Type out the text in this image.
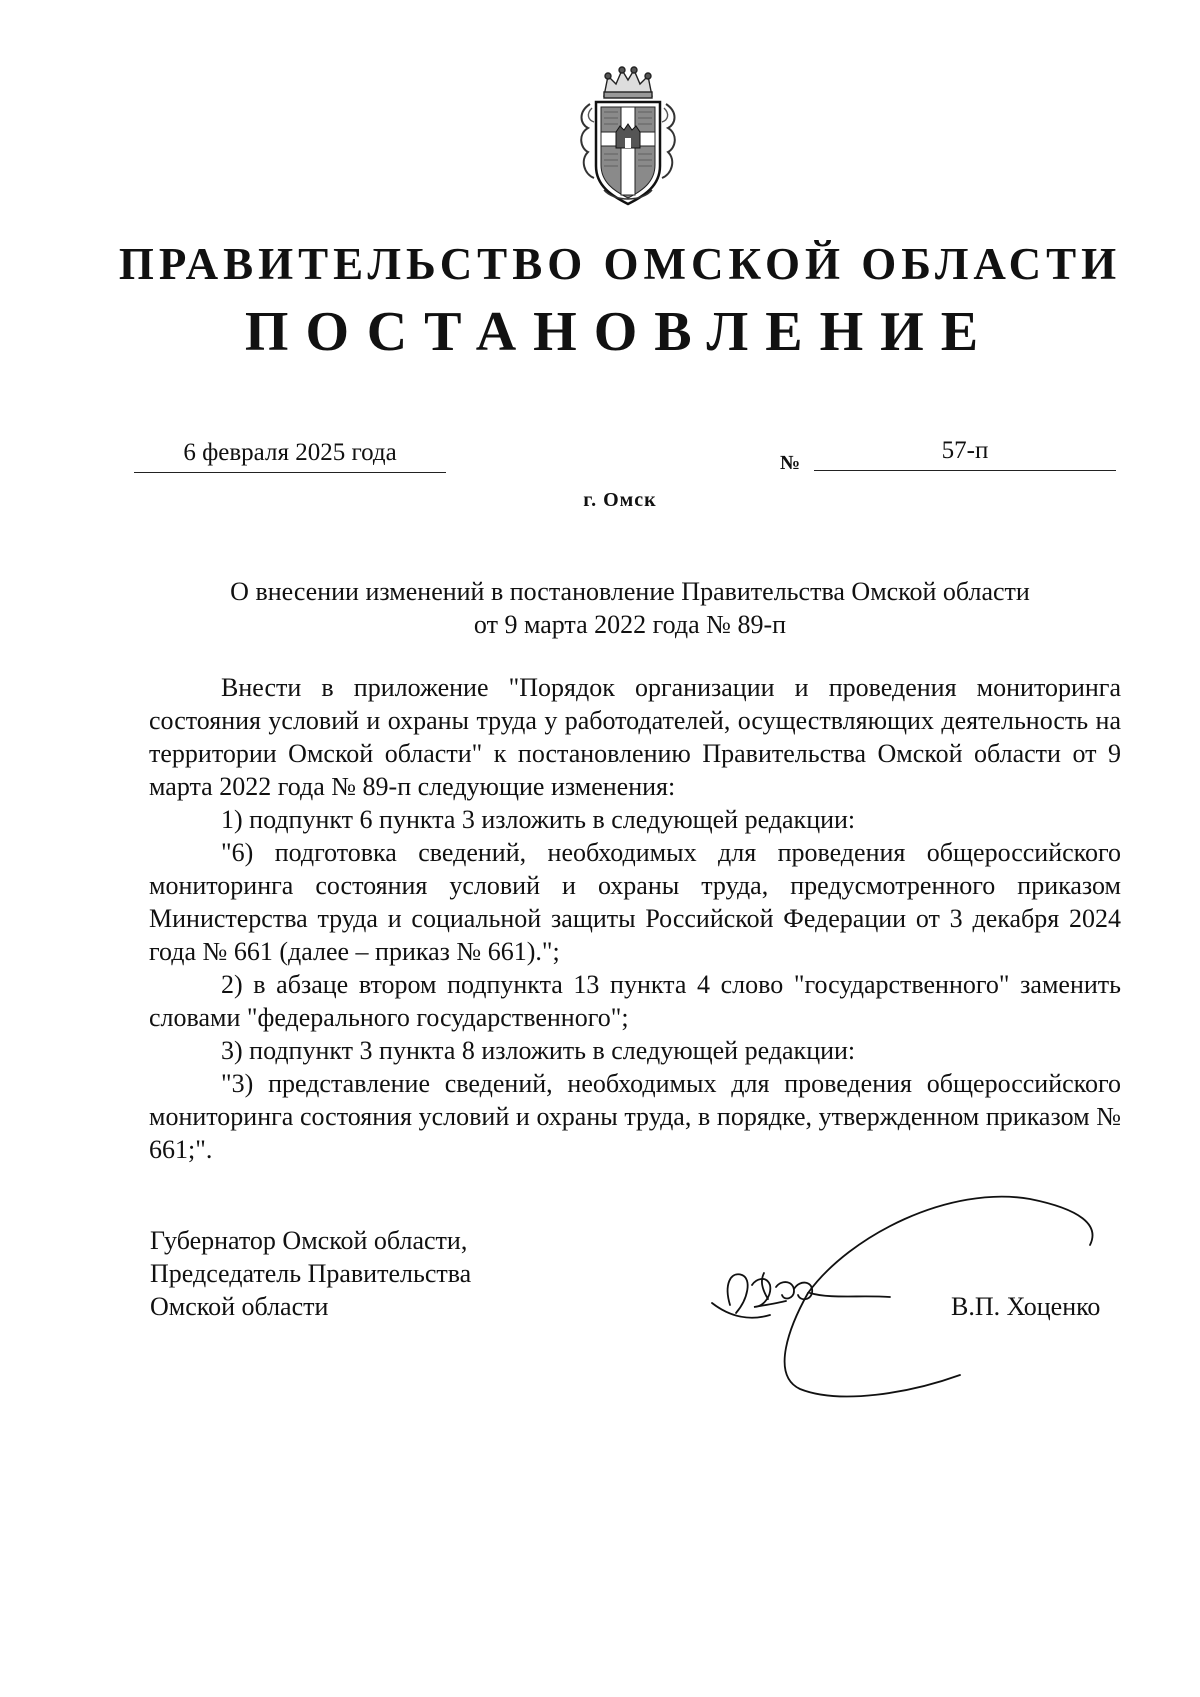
ПРАВИТЕЛЬСТВО ОМСКОЙ ОБЛАСТИ
ПОСТАНОВЛЕНИЕ
6 февраля 2025 года	№	57-п
г. Омск
О внесении изменений в постановление Правительства Омской области
от 9 марта 2022 года № 89-п

Внести в приложение "Порядок организации и проведения мониторинга состояния условий и охраны труда у работодателей, осуществляющих деятельность на территории Омской области" к постановлению Правительства Омской области от 9 марта 2022 года № 89-п следующие изменения:

1) подпункт 6 пункта 3 изложить в следующей редакции:

"6) подготовка сведений, необходимых для проведения общероссийского мониторинга состояния условий и охраны труда, предусмотренного приказом Министерства труда и социальной защиты Российской Федерации от 3 декабря 2024 года № 661 (далее – приказ № 661).";

2) в абзаце втором подпункта 13 пункта 4 слово "государственного" заменить словами "федерального государственного";

3) подпункт 3 пункта 8 изложить в следующей редакции:

"3) представление сведений, необходимых для проведения общероссийского мониторинга состояния условий и охраны труда, в порядке, утвержденном приказом № 661;".

Губернатор Омской области,
Председатель Правительства
Омской области	В.П. Хоценко
